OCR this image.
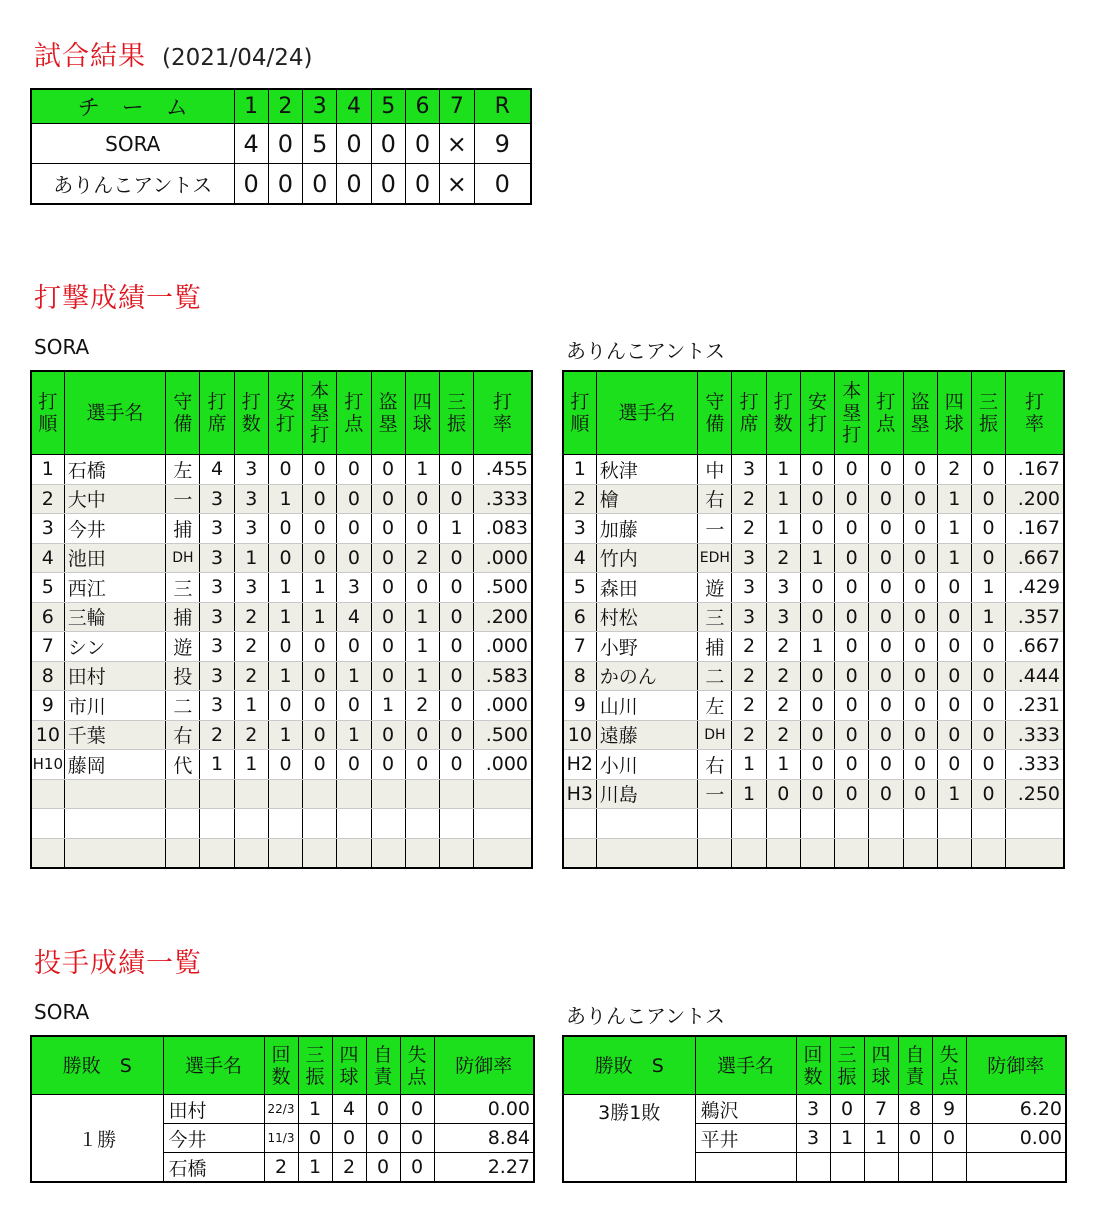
試合結果 (2021/04/24)
チ　ー　ム	1	2	3	4	5	6	7	R
SORA	4	0	5	0	0	0	×	9
ありんこアントス	0	0	0	0	0	0	×	0
打撃成績一覧
SORA	ありんこアントス
打順	選手名	守備	打席	打数	安打	本塁打	打点	盗塁	四球	三振	打率
1	石橋	左	4	3	0	0	0	0	1	0	.455
2	大中	一	3	3	1	0	0	0	0	0	.333
3	今井	捕	3	3	0	0	0	0	0	1	.083
4	池田	DH	3	1	0	0	0	0	2	0	.000
5	西江	三	3	3	1	1	3	0	0	0	.500
6	三輪	捕	3	2	1	1	4	0	1	0	.200
7	シン	遊	3	2	0	0	0	0	1	0	.000
8	田村	投	3	2	1	0	1	0	1	0	.583
9	市川	二	3	1	0	0	0	1	2	0	.000
10	千葉	右	2	2	1	0	1	0	0	0	.500
H10	藤岡	代	1	1	0	0	0	0	0	0	.000

打順	選手名	守備	打席	打数	安打	本塁打	打点	盗塁	四球	三振	打率
1	秋津	中	3	1	0	0	0	0	2	0	.167
2	檜	右	2	1	0	0	0	0	1	0	.200
3	加藤	一	2	1	0	0	0	0	1	0	.167
4	竹内	EDH	3	2	1	0	0	0	1	0	.667
5	森田	遊	3	3	0	0	0	0	0	1	.429
6	村松	三	3	3	0	0	0	0	0	1	.357
7	小野	捕	2	2	1	0	0	0	0	0	.667
8	かのん	二	2	2	0	0	0	0	0	0	.444
9	山川	左	2	2	0	0	0	0	0	0	.231
10	遠藤	DH	2	2	0	0	0	0	0	0	.333
H2	小川	右	1	1	0	0	0	0	0	0	.333
H3	川島	一	1	0	0	0	0	0	1	0	.250

投手成績一覧
SORA	ありんこアントス
勝敗　S	選手名	回数	三振	四球	自責	失点	防御率
１勝	田村	22/3	1	4	0	0	0.00
	今井	11/3	0	0	0	0	8.84
	石橋	2	1	2	0	0	2.27
勝敗　S	選手名	回数	三振	四球	自責	失点	防御率
3勝1敗	鵜沢	3	0	7	8	9	6.20
	平井	3	1	1	0	0	0.00
